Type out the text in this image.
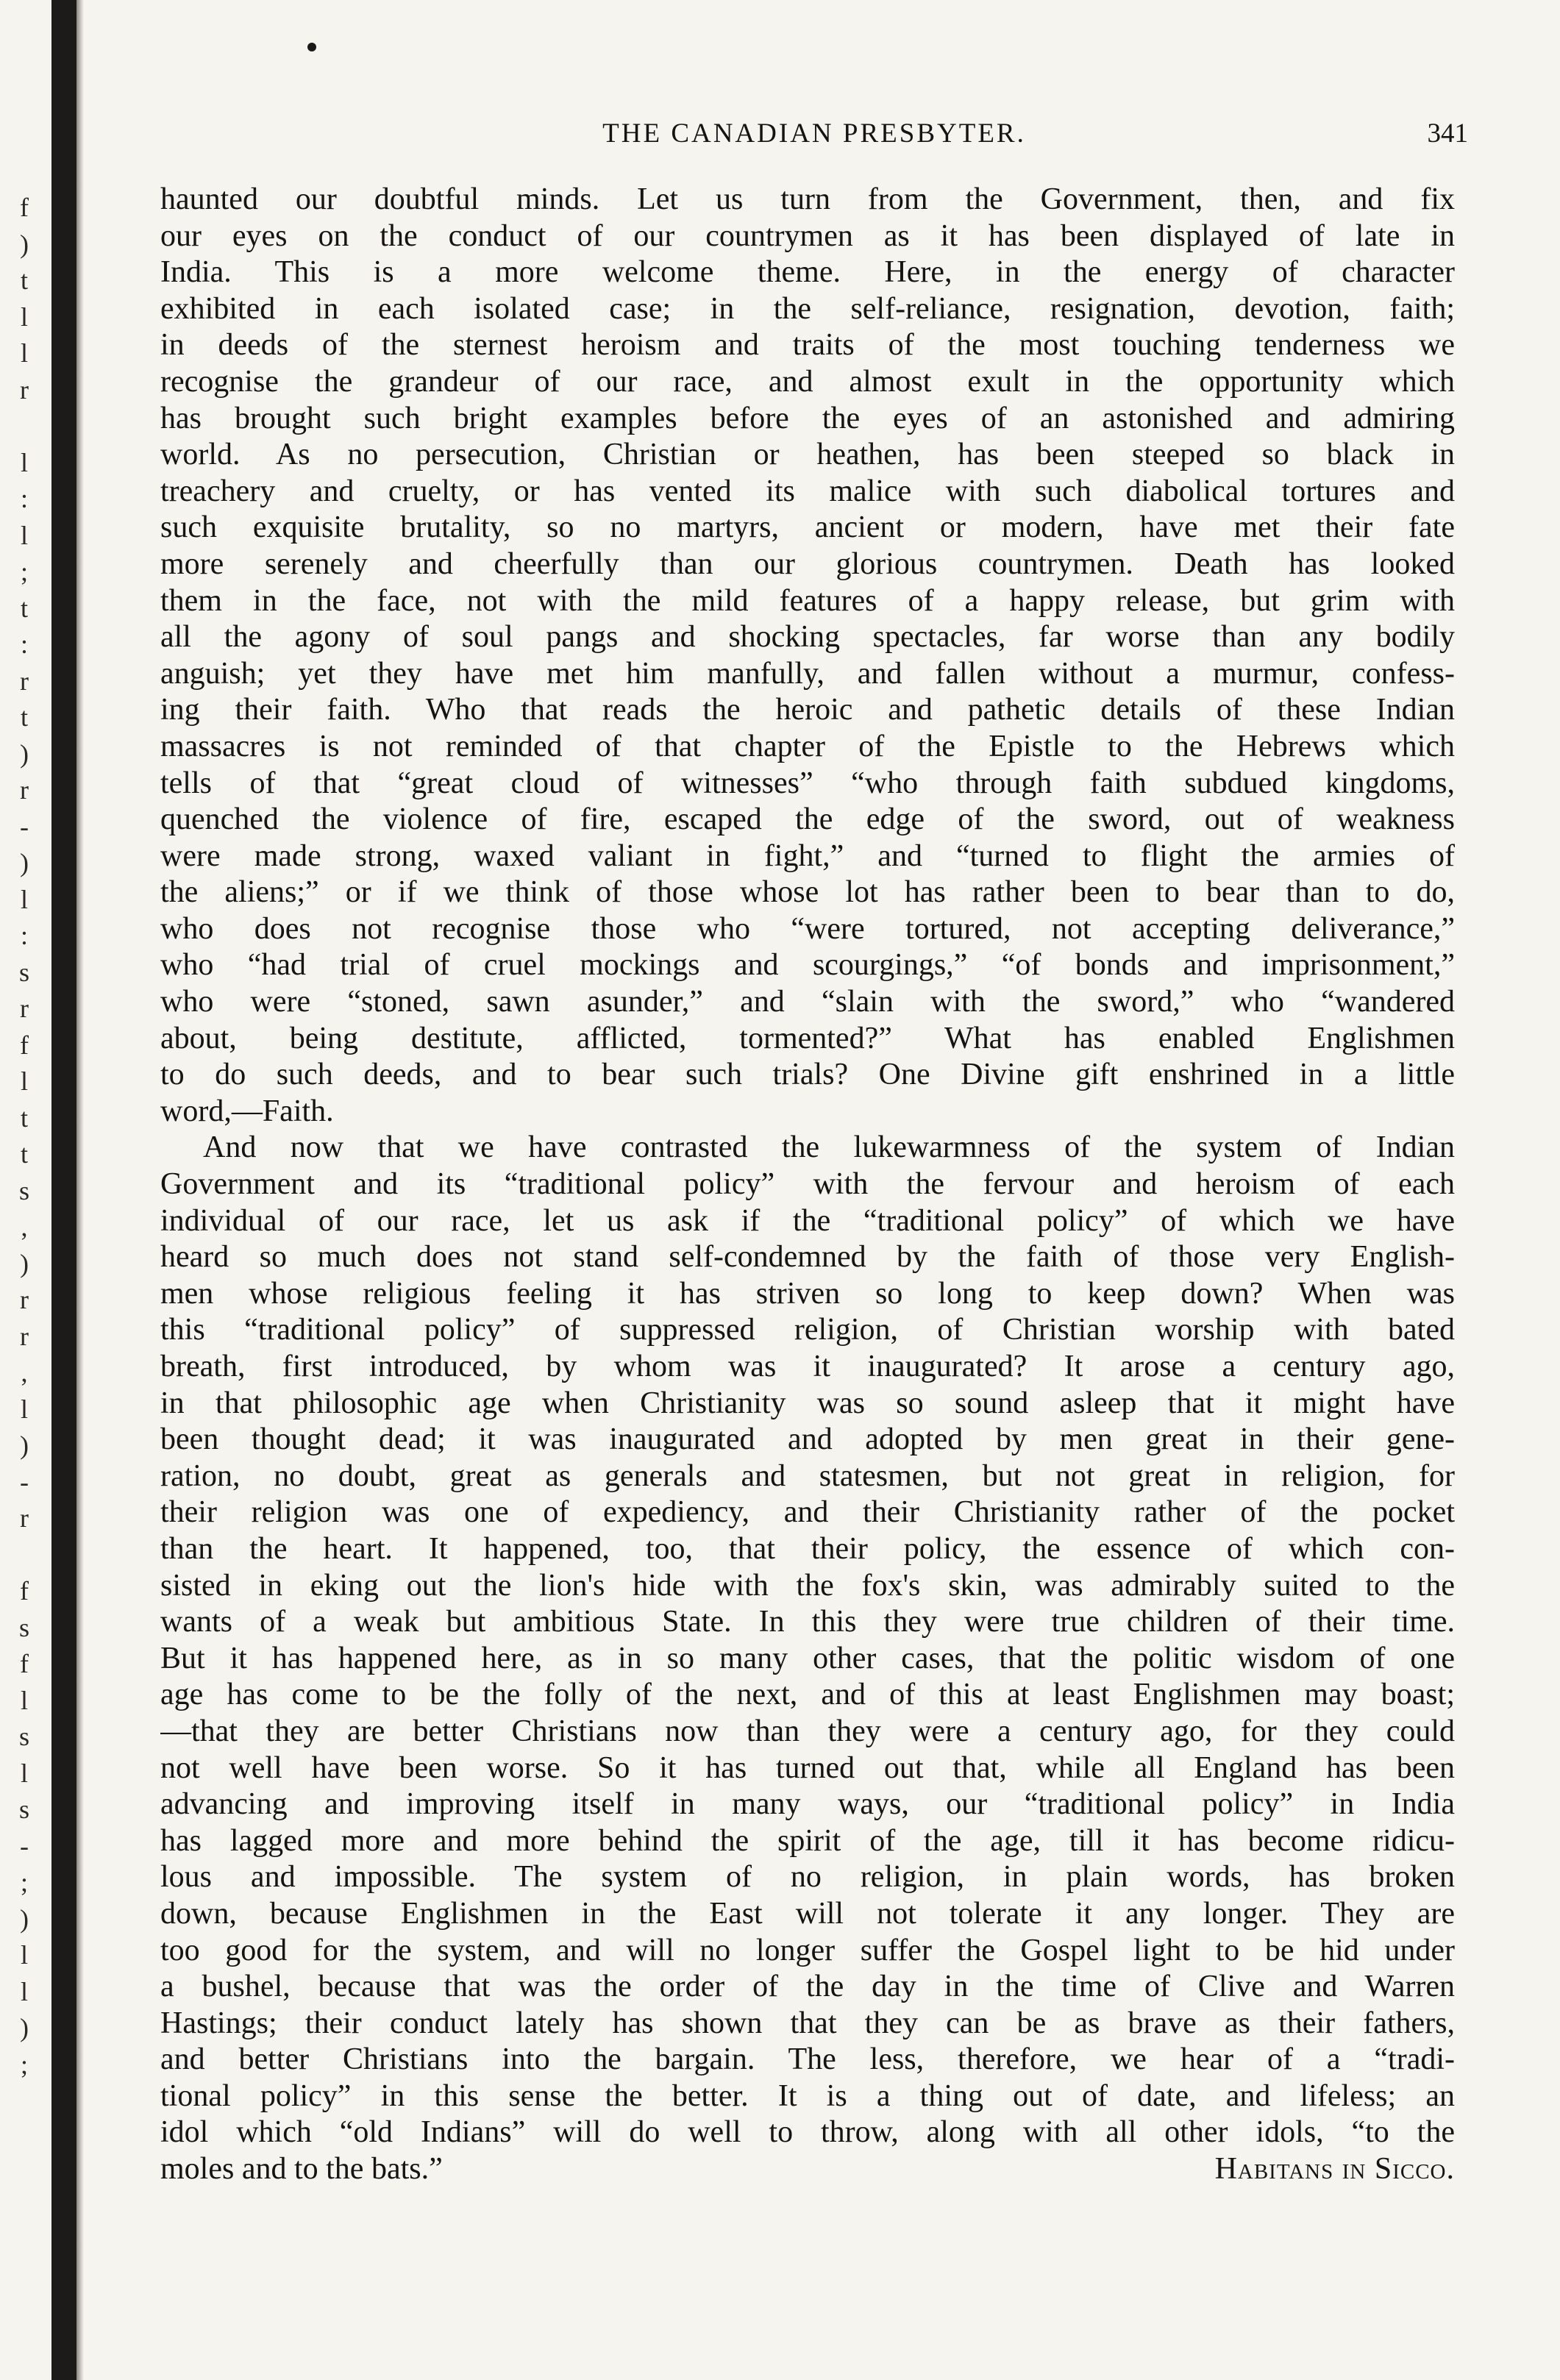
THE CANADIAN PRESBYTER.	341
f
)
t
l
l
r
l
:
l
;
t
:
r
t
)
r
-
)
l
:
s
r
f
l
t
t
s
,
)
r
r
,
l
)
-
r
f
s
f
l
s
l
s
-
;
)
l
l
)
;
haunted our doubtful minds. Let us turn from the Government, then, and fix
our eyes on the conduct of our countrymen as it has been displayed of late in
India. This is a more welcome theme. Here, in the energy of character
exhibited in each isolated case; in the self-reliance, resignation, devotion, faith;
in deeds of the sternest heroism and traits of the most touching tenderness we
recognise the grandeur of our race, and almost exult in the opportunity which
has brought such bright examples before the eyes of an astonished and admiring
world. As no persecution, Christian or heathen, has been steeped so black in
treachery and cruelty, or has vented its malice with such diabolical tortures and
such exquisite brutality, so no martyrs, ancient or modern, have met their fate
more serenely and cheerfully than our glorious countrymen. Death has looked
them in the face, not with the mild features of a happy release, but grim with
all the agony of soul pangs and shocking spectacles, far worse than any bodily
anguish; yet they have met him manfully, and fallen without a murmur, confess-
ing their faith. Who that reads the heroic and pathetic details of these Indian
massacres is not reminded of that chapter of the Epistle to the Hebrews which
tells of that “great cloud of witnesses” “who through faith subdued kingdoms,
quenched the violence of fire, escaped the edge of the sword, out of weakness
were made strong, waxed valiant in fight,” and “turned to flight the armies of
the aliens;” or if we think of those whose lot has rather been to bear than to do,
who does not recognise those who “were tortured, not accepting deliverance,”
who “had trial of cruel mockings and scourgings,” “of bonds and imprisonment,”
who were “stoned, sawn asunder,” and “slain with the sword,” who “wandered
about, being destitute, afflicted, tormented?” What has enabled Englishmen
to do such deeds, and to bear such trials? One Divine gift enshrined in a little
word,—Faith.
And now that we have contrasted the lukewarmness of the system of Indian
Government and its “traditional policy” with the fervour and heroism of each
individual of our race, let us ask if the “traditional policy” of which we have
heard so much does not stand self-condemned by the faith of those very English-
men whose religious feeling it has striven so long to keep down? When was
this “traditional policy” of suppressed religion, of Christian worship with bated
breath, first introduced, by whom was it inaugurated? It arose a century ago,
in that philosophic age when Christianity was so sound asleep that it might have
been thought dead; it was inaugurated and adopted by men great in their gene-
ration, no doubt, great as generals and statesmen, but not great in religion, for
their religion was one of expediency, and their Christianity rather of the pocket
than the heart. It happened, too, that their policy, the essence of which con-
sisted in eking out the lion's hide with the fox's skin, was admirably suited to the
wants of a weak but ambitious State. In this they were true children of their time.
But it has happened here, as in so many other cases, that the politic wisdom of one
age has come to be the folly of the next, and of this at least Englishmen may boast;
—that they are better Christians now than they were a century ago, for they could
not well have been worse. So it has turned out that, while all England has been
advancing and improving itself in many ways, our “traditional policy” in India
has lagged more and more behind the spirit of the age, till it has become ridicu-
lous and impossible. The system of no religion, in plain words, has broken
down, because Englishmen in the East will not tolerate it any longer. They are
too good for the system, and will no longer suffer the Gospel light to be hid under
a bushel, because that was the order of the day in the time of Clive and Warren
Hastings; their conduct lately has shown that they can be as brave as their fathers,
and better Christians into the bargain. The less, therefore, we hear of a “tradi-
tional policy” in this sense the better. It is a thing out of date, and lifeless; an
idol which “old Indians” will do well to throw, along with all other idols, “to the
moles and to the bats.”	Habitans in Sicco.
